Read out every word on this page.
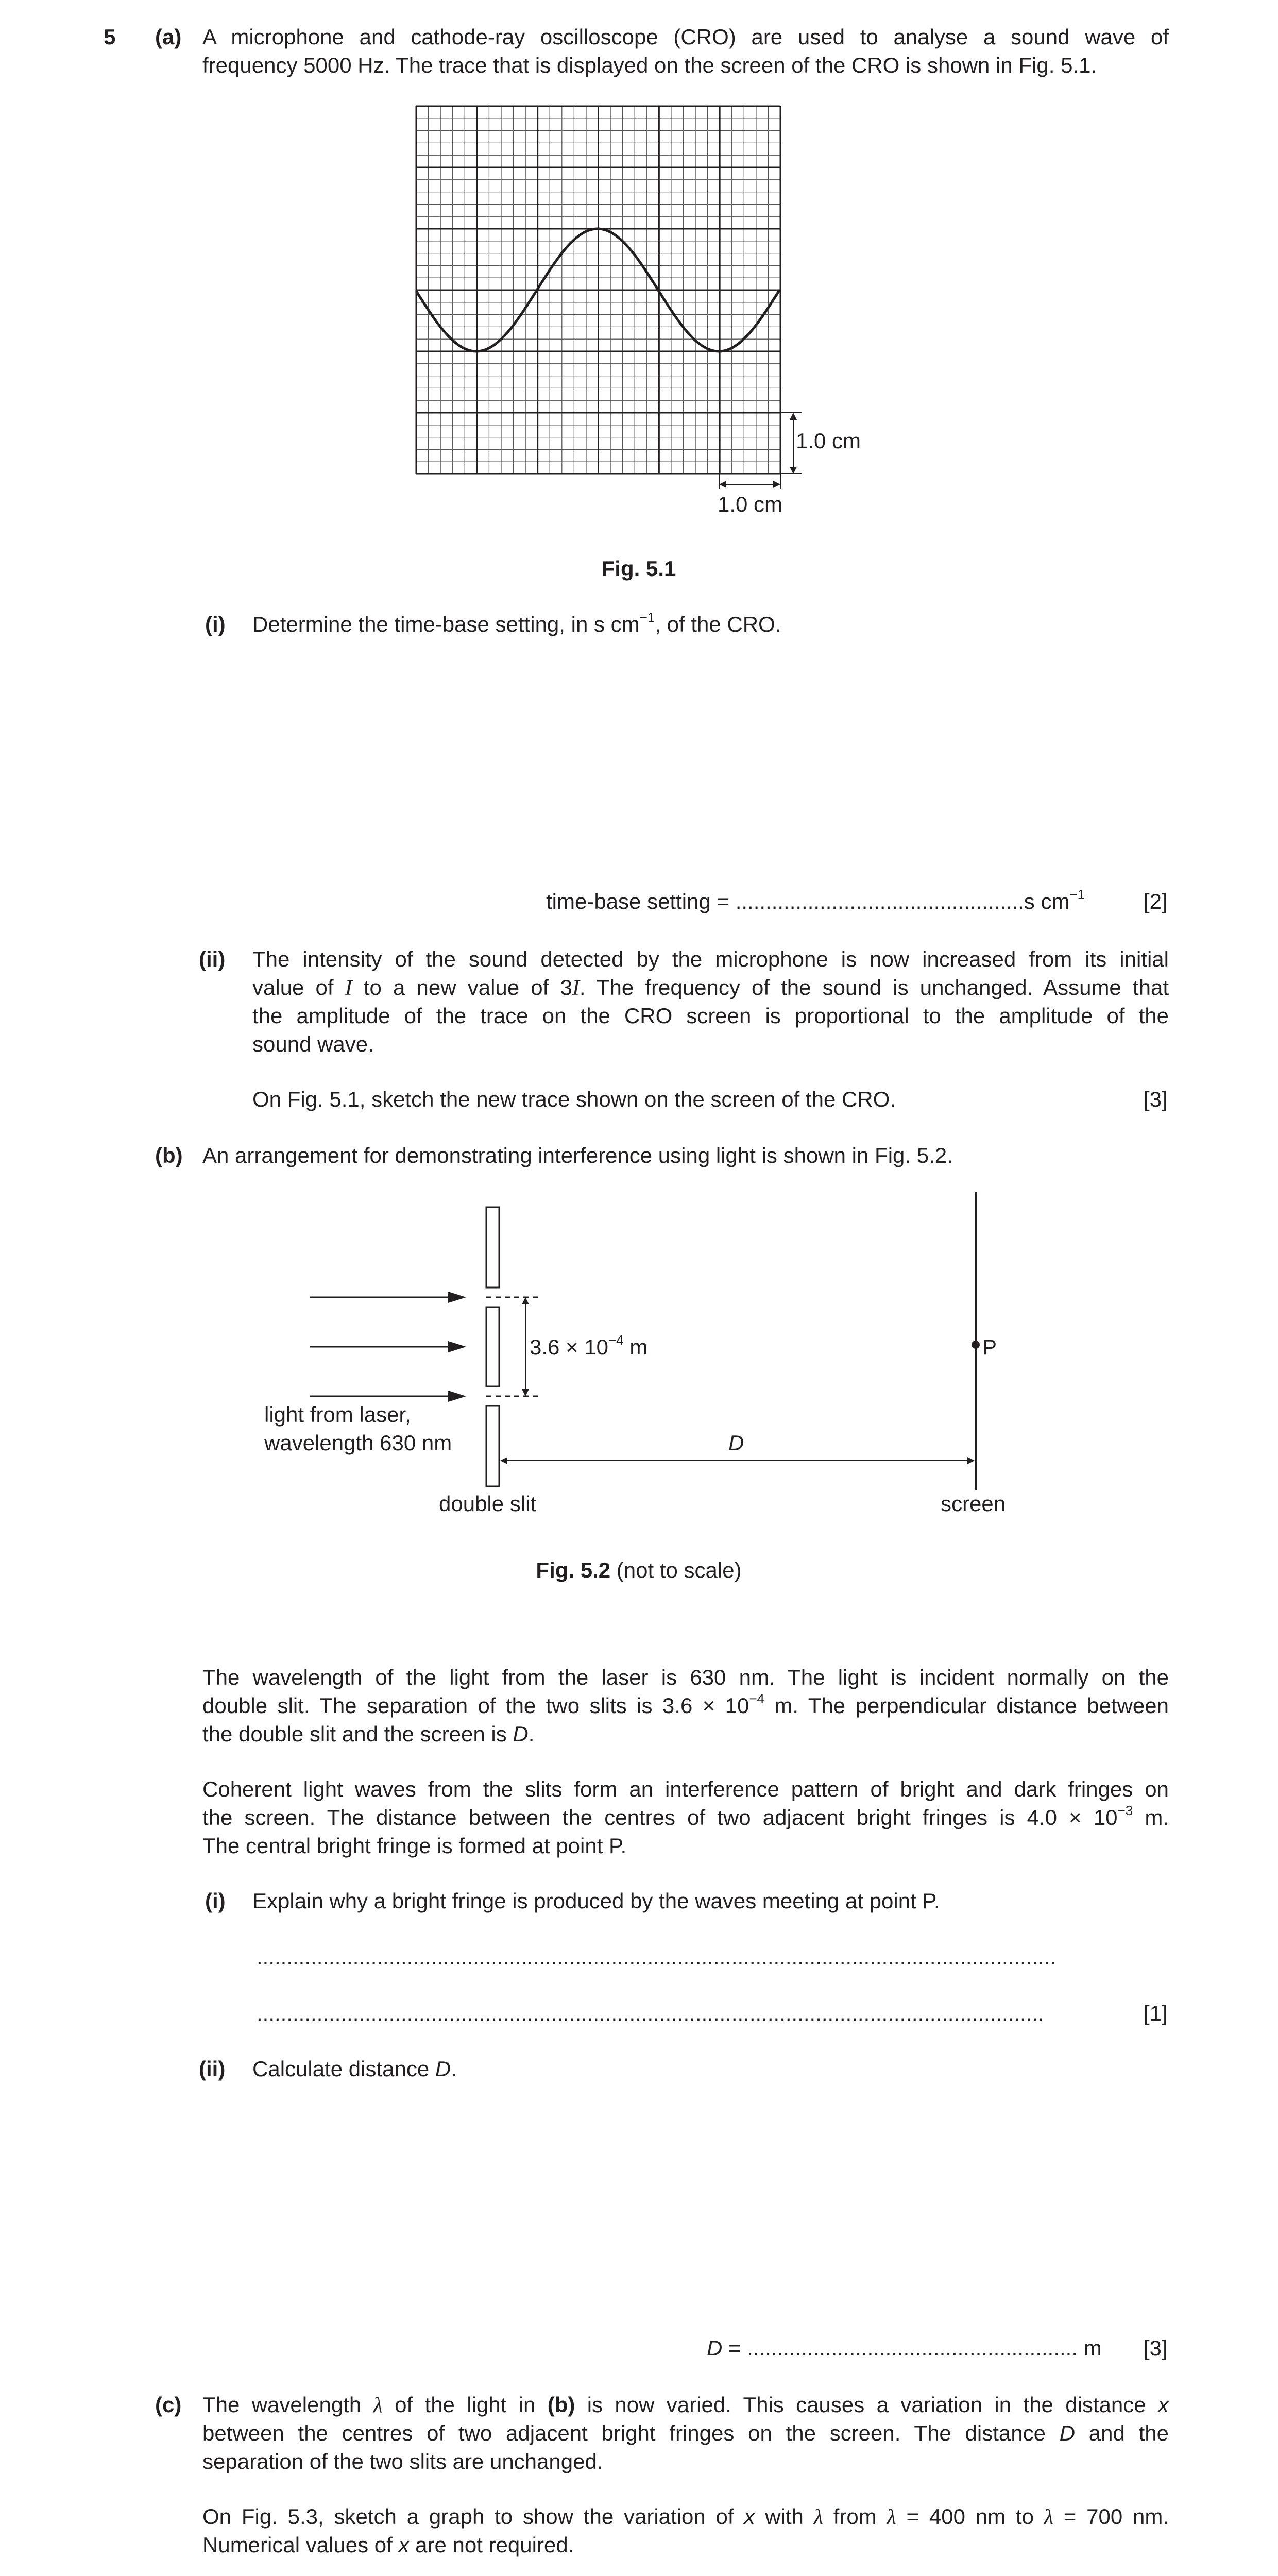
5 (a) A microphone and cathode-ray oscilloscope (CRO) are used to analyse a sound wave of
frequency 5000 Hz. The trace that is displayed on the screen of the CRO is shown in Fig. 5.1.
1.0 cm
1.0 cm
Fig. 5.1
(i) Determine the time-base setting, in s $cm^{-1}$, of the CRO.
time-base setting = ................................................s $cm^{-1}$	[2]
(ii) The intensity of the sound detected by the microphone is now increased from its initial
value of I to a new value of 3I. The frequency of the sound is unchanged. Assume that
the amplitude of the trace on the CRO screen is proportional to the amplitude of the
sound wave.
On Fig. 5.1, sketch the new trace shown on the screen of the CRO.	[3]
(b) An arrangement for demonstrating interference using light is shown in Fig. 5.2.
$3.6 \times 10^{-4}$ m	P
light from laser,
wavelength 630 nm	D
double slit	screen
Fig. 5.2 (not to scale)
The wavelength of the light from the laser is 630 nm. The light is incident normally on the
double slit. The separation of the two slits is $3.6 \times 10^{-4}$ m. The perpendicular distance between
the double slit and the screen is D.
Coherent light waves from the slits form an interference pattern of bright and dark fringes on
the screen. The distance between the centres of two adjacent bright fringes is $4.0 \times 10^{-3}$ m.
The central bright fringe is formed at point P.
(i) Explain why a bright fringe is produced by the waves meeting at point P.
.....................................................................................................................................
...................................................................................................................................	[1]
(ii) Calculate distance D.
D = ....................................................... m [3]
(c) The wavelength λ of the light in (b) is now varied. This causes a variation in the distance x
between the centres of two adjacent bright fringes on the screen. The distance D and the
separation of the two slits are unchanged.
On Fig. 5.3, sketch a graph to show the variation of x with λ from λ = 400 nm to λ = 700 nm.
Numerical values of x are not required.
